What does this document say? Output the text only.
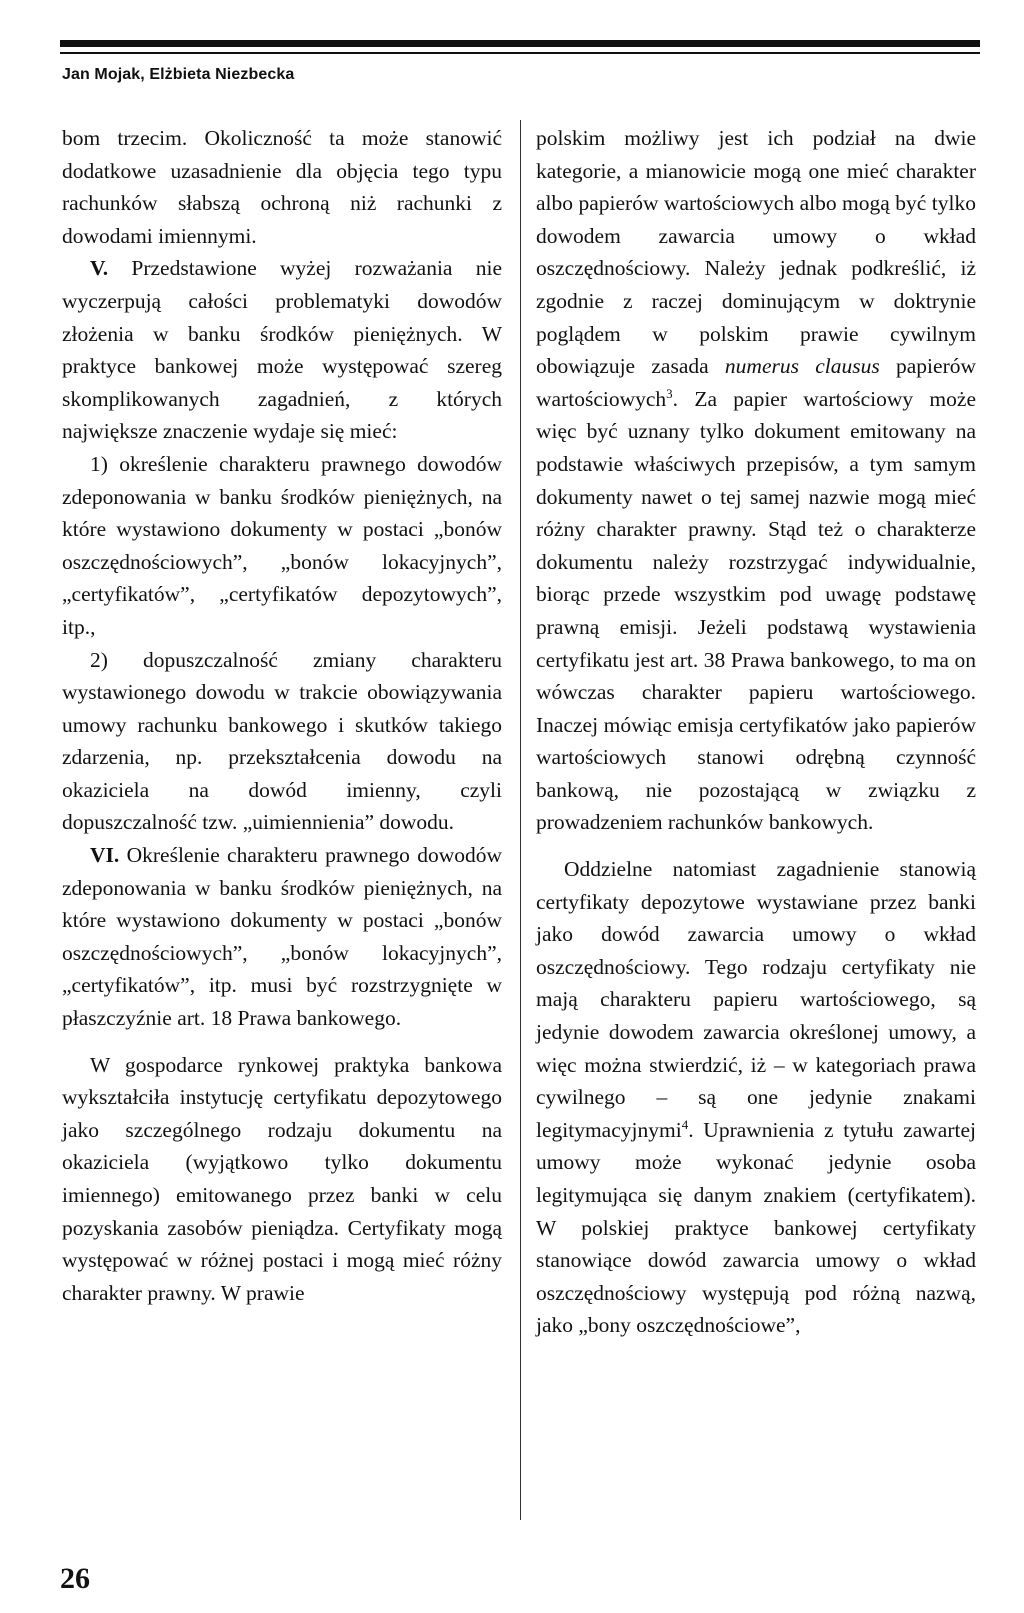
Jan Mojak, Elżbieta Niezbecka

bom trzecim. Okoliczność ta może stanowić dodatkowe uzasadnienie dla objęcia tego typu rachunków słabszą ochroną niż rachunki z dowodami imiennymi.

V. Przedstawione wyżej rozważania nie wyczerpują całości problematyki dowodów złożenia w banku środków pieniężnych. W praktyce bankowej może występować szereg skomplikowanych zagadnień, z których największe znaczenie wydaje się mieć:

1) określenie charakteru prawnego dowodów zdeponowania w banku środków pieniężnych, na które wystawiono dokumenty w postaci „bonów oszczędnościowych”, „bonów lokacyjnych”, „certyfikatów”, „certyfikatów depozytowych”, itp.,

2) dopuszczalność zmiany charakteru wystawionego dowodu w trakcie obowiązywania umowy rachunku bankowego i skutków takiego zdarzenia, np. przekształcenia dowodu na okaziciela na dowód imienny, czyli dopuszczalność tzw. „uimiennienia” dowodu.

VI. Określenie charakteru prawnego dowodów zdeponowania w banku środków pieniężnych, na które wystawiono dokumenty w postaci „bonów oszczędnościowych”, „bonów lokacyjnych”, „certyfikatów”, itp. musi być rozstrzygnięte w płaszczyźnie art. 18 Prawa bankowego.

W gospodarce rynkowej praktyka bankowa wykształciła instytucję certyfikatu depozytowego jako szczególnego rodzaju dokumentu na okaziciela (wyjątkowo tylko dokumentu imiennego) emitowanego przez banki w celu pozyskania zasobów pieniądza. Certyfikaty mogą występować w różnej postaci i mogą mieć różny charakter prawny. W prawie

polskim możliwy jest ich podział na dwie kategorie, a mianowicie mogą one mieć charakter albo papierów wartościowych albo mogą być tylko dowodem zawarcia umowy o wkład oszczędnościowy. Należy jednak podkreślić, iż zgodnie z raczej dominującym w doktrynie poglądem w polskim prawie cywilnym obowiązuje zasada numerus clausus papierów wartościowych$^3$. Za papier wartościowy może więc być uznany tylko dokument emitowany na podstawie właściwych przepisów, a tym samym dokumenty nawet o tej samej nazwie mogą mieć różny charakter prawny. Stąd też o charakterze dokumentu należy rozstrzygać indywidualnie, biorąc przede wszystkim pod uwagę podstawę prawną emisji. Jeżeli podstawą wystawienia certyfikatu jest art. 38 Prawa bankowego, to ma on wówczas charakter papieru wartościowego. Inaczej mówiąc emisja certyfikatów jako papierów wartościowych stanowi odrębną czynność bankową, nie pozostającą w związku z prowadzeniem rachunków bankowych.

Oddzielne natomiast zagadnienie stanowią certyfikaty depozytowe wystawiane przez banki jako dowód zawarcia umowy o wkład oszczędnościowy. Tego rodzaju certyfikaty nie mają charakteru papieru wartościowego, są jedynie dowodem zawarcia określonej umowy, a więc można stwierdzić, iż – w kategoriach prawa cywilnego – są one jedynie znakami legitymacyjnymi$^4$. Uprawnienia z tytułu zawartej umowy może wykonać jedynie osoba legitymująca się danym znakiem (certyfikatem). W polskiej praktyce bankowej certyfikaty stanowiące dowód zawarcia umowy o wkład oszczędnościowy występują pod różną nazwą, jako „bony oszczędnościowe”,

26
